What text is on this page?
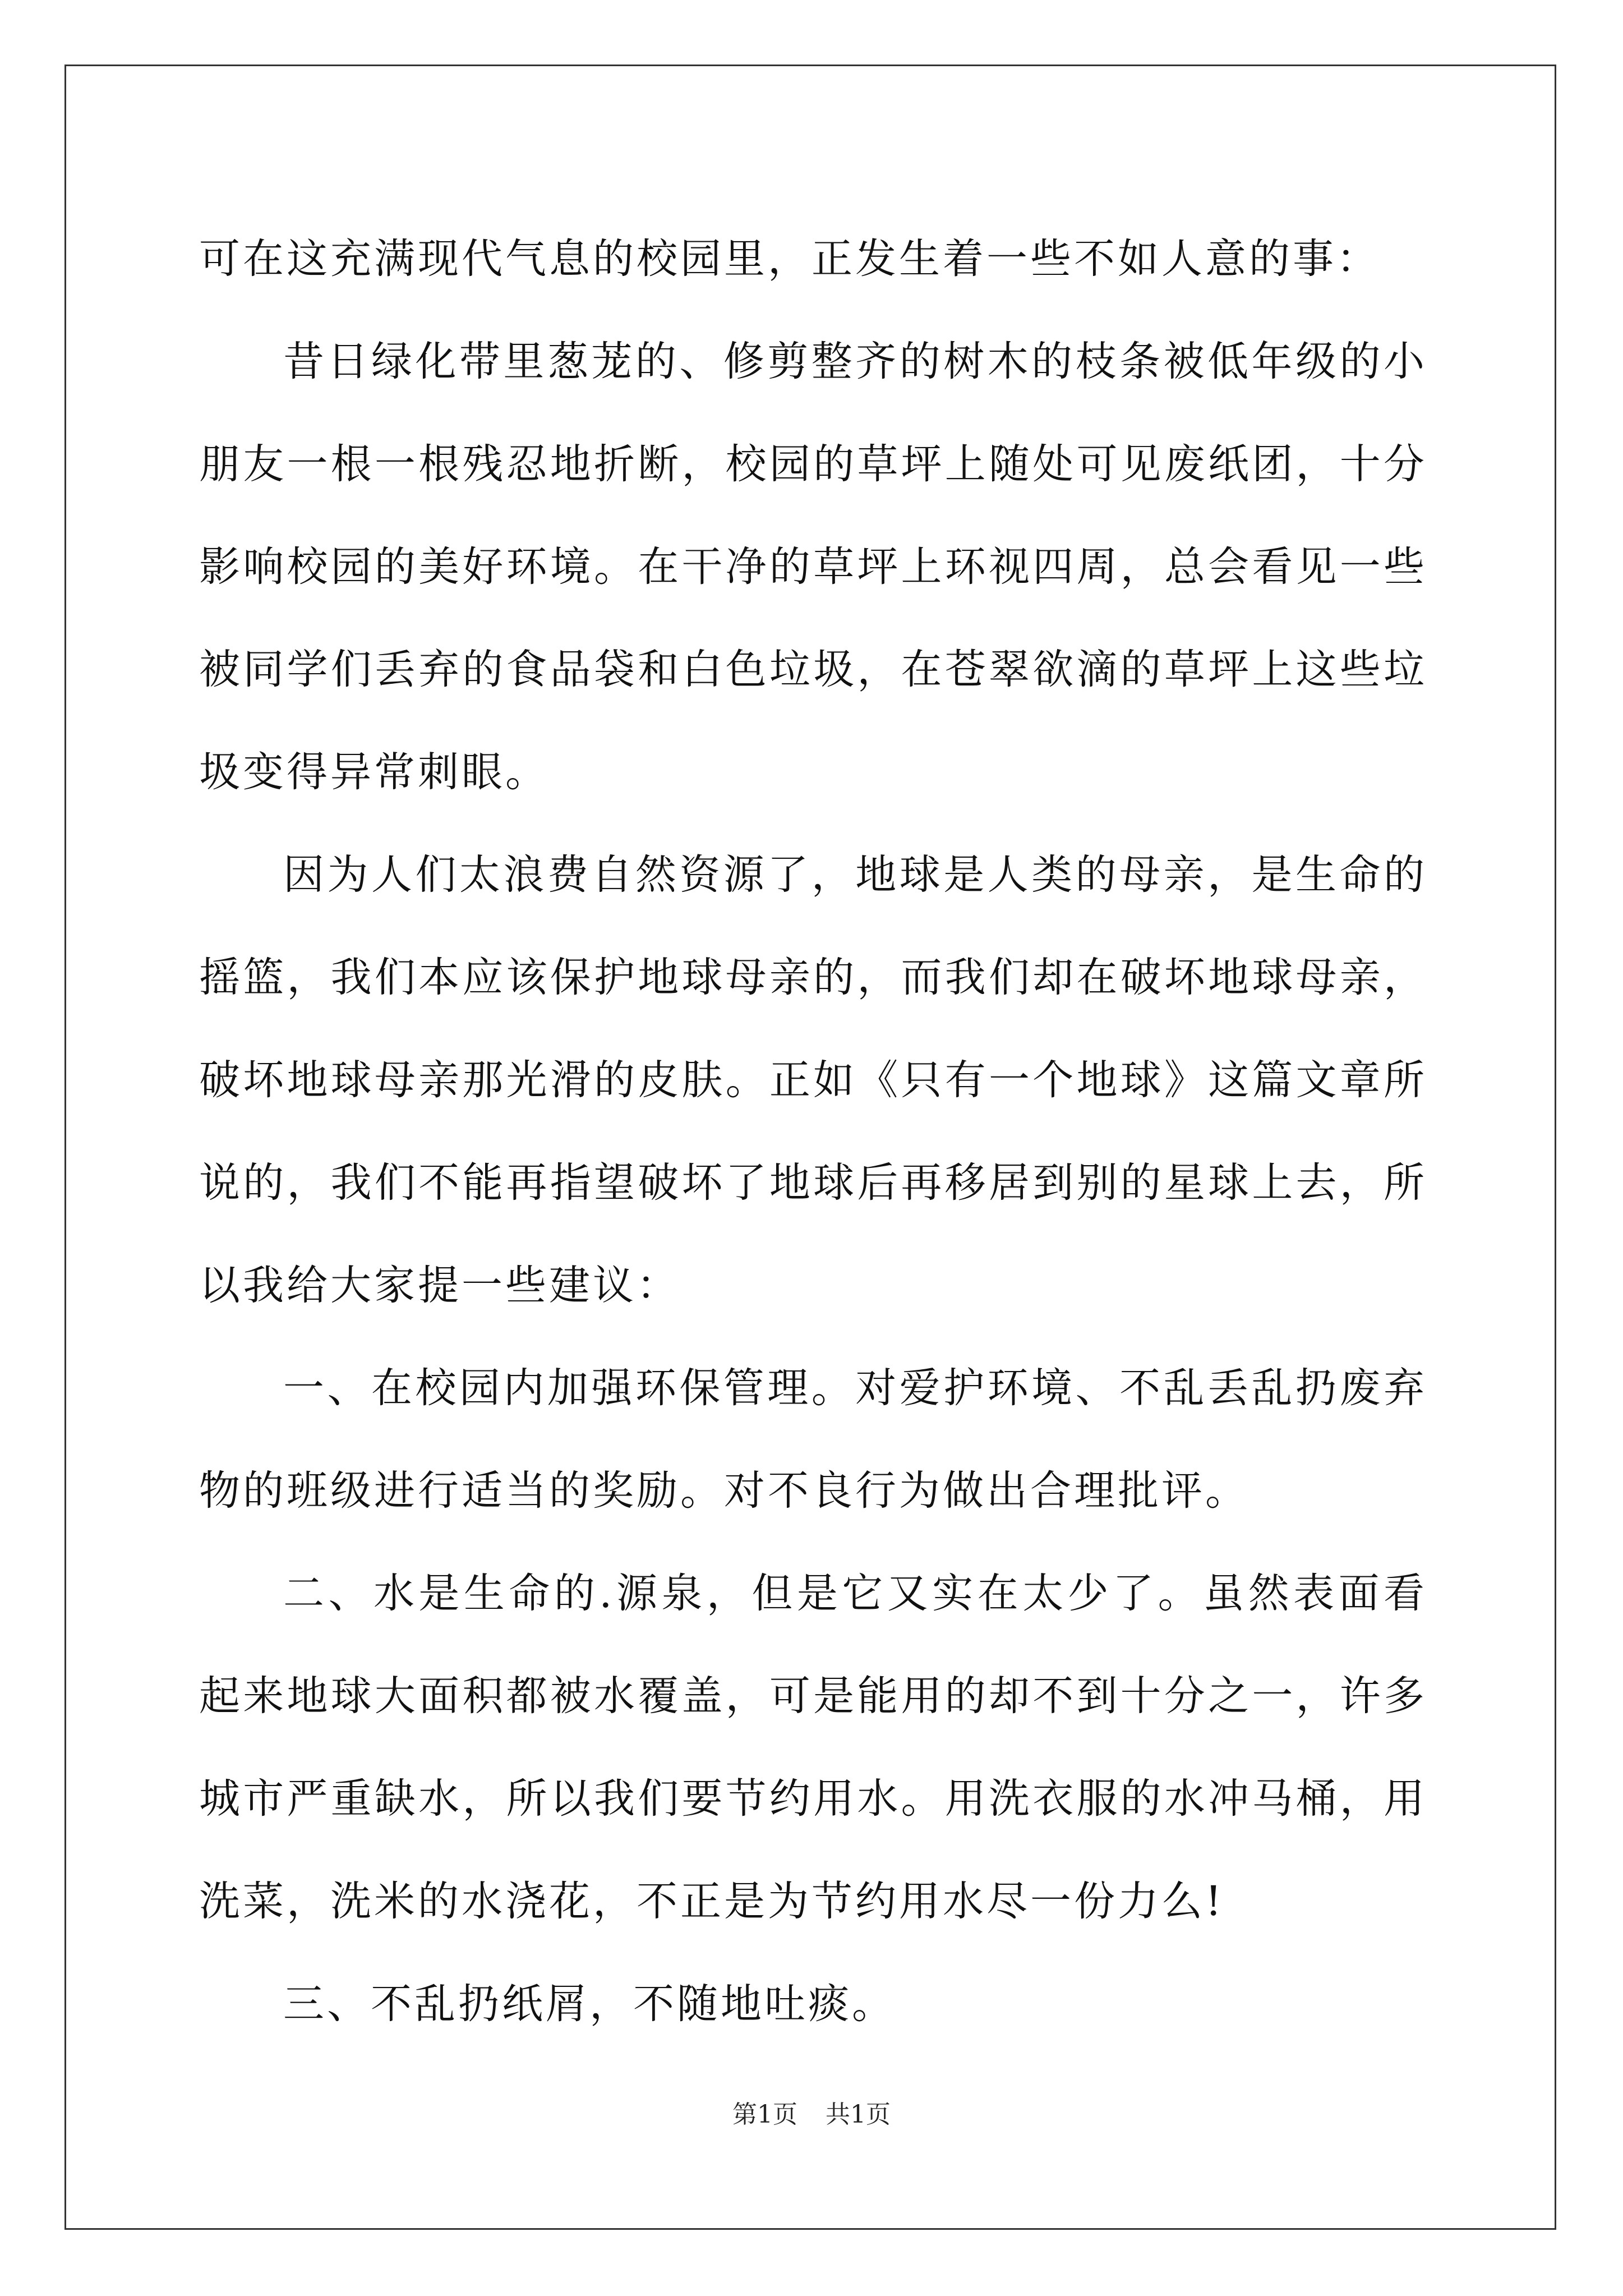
可在这充满现代气息的校园里，正发生着一些不如人意的事：

昔日绿化带里葱茏的、修剪整齐的树木的枝条被低年级的小朋友一根一根残忍地折断，校园的草坪上随处可见废纸团，十分影响校园的美好环境。在干净的草坪上环视四周，总会看见一些被同学们丢弃的食品袋和白色垃圾，在苍翠欲滴的草坪上这些垃圾变得异常刺眼。

因为人们太浪费自然资源了，地球是人类的母亲，是生命的摇篮，我们本应该保护地球母亲的，而我们却在破坏地球母亲，破坏地球母亲那光滑的皮肤。正如《只有一个地球》这篇文章所说的，我们不能再指望破坏了地球后再移居到别的星球上去，所以我给大家提一些建议：

一、在校园内加强环保管理。对爱护环境、不乱丢乱扔废弃物的班级进行适当的奖励。对不良行为做出合理批评。

二、水是生命的.源泉，但是它又实在太少了。虽然表面看起来地球大面积都被水覆盖，可是能用的却不到十分之一，许多城市严重缺水，所以我们要节约用水。用洗衣服的水冲马桶，用洗菜，洗米的水浇花，不正是为节约用水尽一份力么!

三、不乱扔纸屑，不随地吐痰。

第1页 共1页
